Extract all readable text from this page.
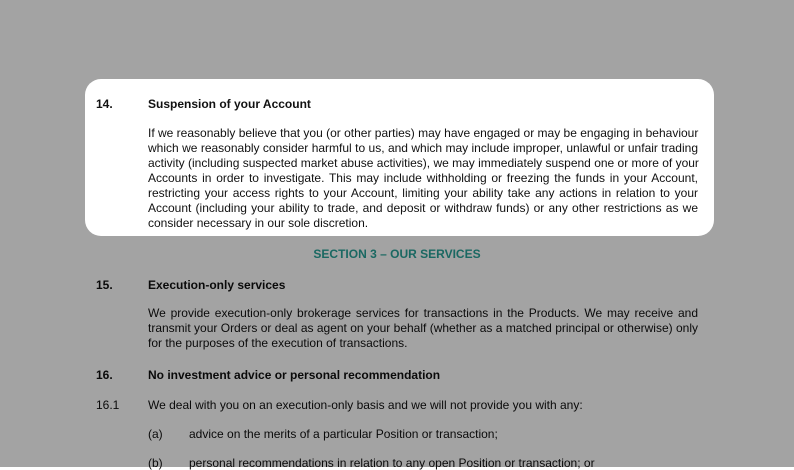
15.	Execution-only services
We provide execution-only brokerage services for transactions in the Products. We may receive and
transmit your Orders or deal as agent on your behalf (whether as a matched principal or otherwise) only
for the purposes of the execution of transactions.
16.	No investment advice or personal recommendation
16.1 We deal with you on an execution-only basis and we will not provide you with any:
(a) advice on the merits of a particular Position or transaction;
(b) personal recommendations in relation to any open Position or transaction; or
SECTION 3 – OUR SERVICES
14.	Suspension of your Account
If we reasonably believe that you (or other parties) may have engaged or may be engaging in behaviour
which we reasonably consider harmful to us, and which may include improper, unlawful or unfair trading
activity (including suspected market abuse activities), we may immediately suspend one or more of your
Accounts in order to investigate. This may include withholding or freezing the funds in your Account,
restricting your access rights to your Account, limiting your ability take any actions in relation to your
Account (including your ability to trade, and deposit or withdraw funds) or any other restrictions as we
consider necessary in our sole discretion.
